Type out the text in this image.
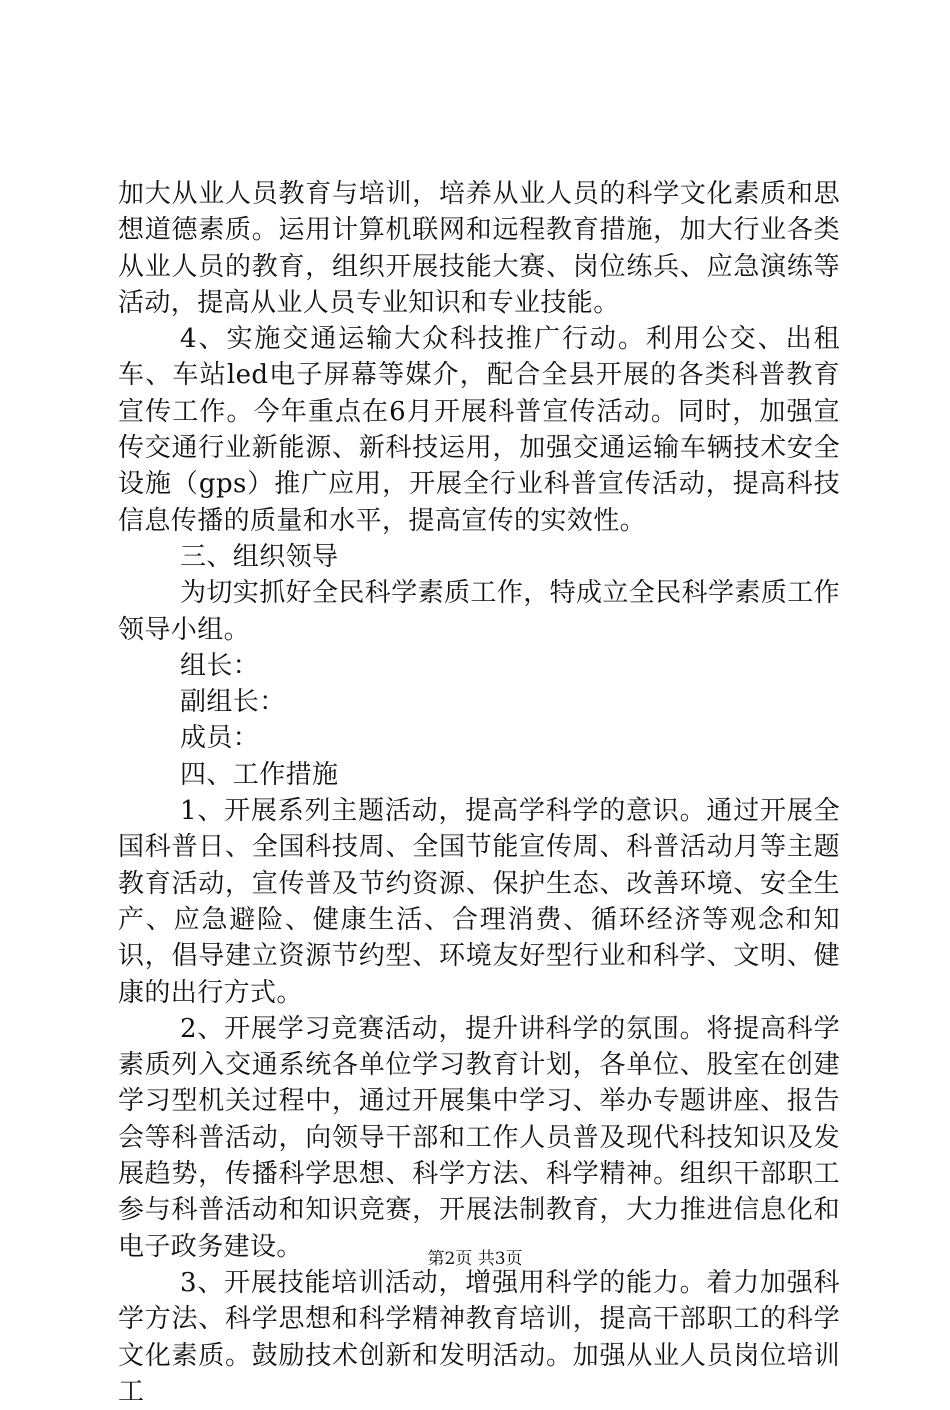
加大从业人员教育与培训，培养从业人员的科学文化素质和思想道德素质。运用计算机联网和远程教育措施，加大行业各类从业人员的教育，组织开展技能大赛、岗位练兵、应急演练等活动，提高从业人员专业知识和专业技能。

4、实施交通运输大众科技推广行动。利用公交、出租车、车站led电子屏幕等媒介，配合全县开展的各类科普教育宣传工作。今年重点在6月开展科普宣传活动。同时，加强宣传交通行业新能源、新科技运用，加强交通运输车辆技术安全设施（gps）推广应用，开展全行业科普宣传活动，提高科技信息传播的质量和水平，提高宣传的实效性。

三、组织领导

为切实抓好全民科学素质工作，特成立全民科学素质工作领导小组。

组长：

副组长：

成员：

四、工作措施

1、开展系列主题活动，提高学科学的意识。通过开展全国科普日、全国科技周、全国节能宣传周、科普活动月等主题教育活动，宣传普及节约资源、保护生态、改善环境、安全生产、应急避险、健康生活、合理消费、循环经济等观念和知识，倡导建立资源节约型、环境友好型行业和科学、文明、健康的出行方式。

2、开展学习竞赛活动，提升讲科学的氛围。将提高科学素质列入交通系统各单位学习教育计划，各单位、股室在创建学习型机关过程中，通过开展集中学习、举办专题讲座、报告会等科普活动，向领导干部和工作人员普及现代科技知识及发展趋势，传播科学思想、科学方法、科学精神。组织干部职工参与科普活动和知识竞赛，开展法制教育，大力推进信息化和电子政务建设。

3、开展技能培训活动，增强用科学的能力。着力加强科学方法、科学思想和科学精神教育培训，提高干部职工的科学文化素质。鼓励技术创新和发明活动。加强从业人员岗位培训工

第2页 共3页
